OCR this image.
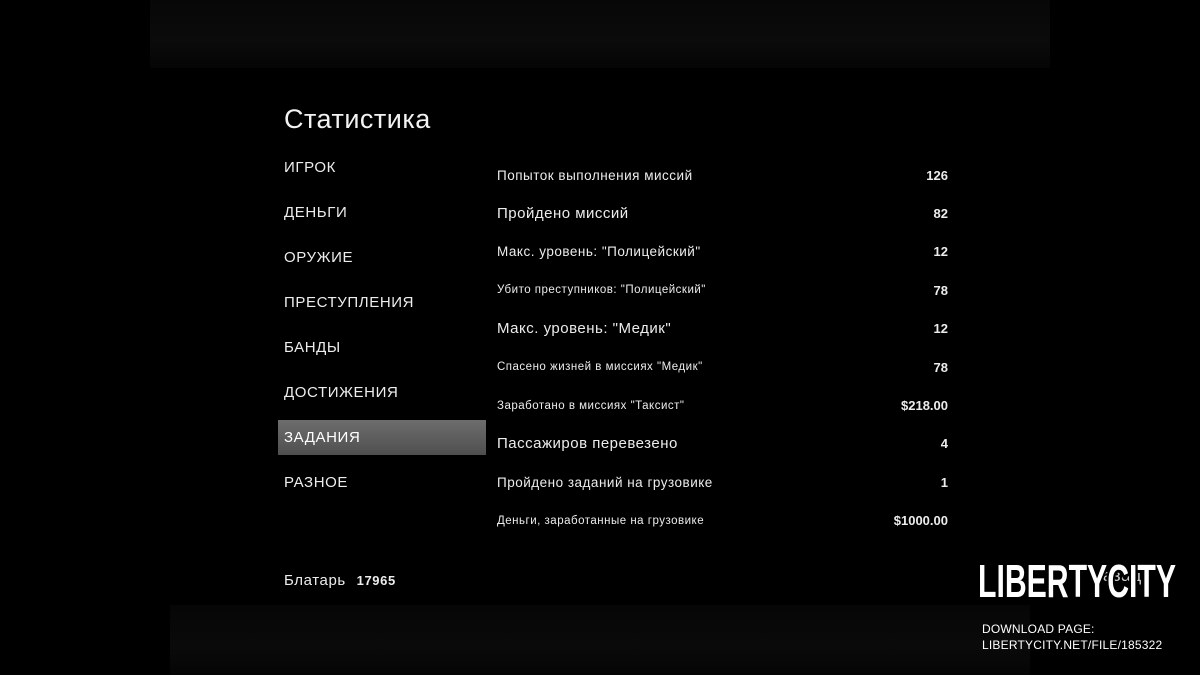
Статистика
ИГРОК
ДЕНЬГИ
ОРУЖИЕ
ПРЕСТУПЛЕНИЯ
БАНДЫ
ДОСТИЖЕНИЯ
ЗАДАНИЯ
РАЗНОЕ
Попыток выполнения миссий	126
Пройдено миссий	82
Макс. уровень: "Полицейский"	12
Убито преступников: "Полицейский"	78
Макс. уровень: "Медик"	12
Спасено жизней в миссиях "Медик"	78
Заработано в миссиях "Таксист"	$218.00
Пассажиров перевезено	4
Пройдено заданий на грузовике	1
Деньги, заработанные на грузовике	$1000.00
Блатарь 17965	Назад
LIBERTYCITY
DOWNLOAD PAGE:
LIBERTYCITY.NET/FILE/185322
